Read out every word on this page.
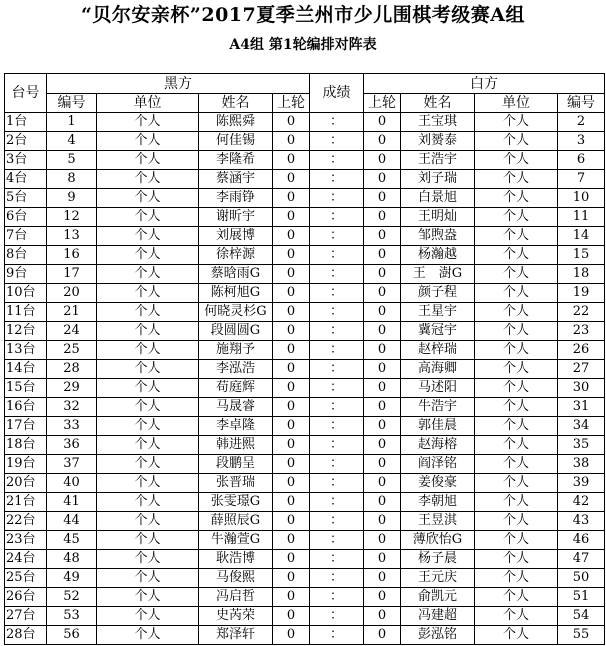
“贝尔安亲杯”2017夏季兰州市少儿围棋考级赛A组
A4组 第1轮编排对阵表
台号	黑方				成绩	白方			
	编号	单位	姓名	上轮		上轮	姓名	单位	编号
1台	1	个人	陈熙舜	0	：	0	王宝琪	个人	2
2台	4	个人	何佳锡	0	：	0	刘赟泰	个人	3
3台	5	个人	李隆希	0	：	0	王浩宇	个人	6
4台	8	个人	蔡涵宇	0	：	0	刘子瑞	个人	7
5台	9	个人	李雨铮	0	：	0	白景旭	个人	10
6台	12	个人	谢昕宇	0	：	0	王明灿	个人	11
7台	13	个人	刘展博	0	：	0	邹煦盎	个人	14
8台	16	个人	徐梓源	0	：	0	杨瀚越	个人	15
9台	17	个人	蔡晗雨G	0	：	0	王　澍G	个人	18
10台	20	个人	陈柯旭G	0	：	0	颜子程	个人	19
11台	21	个人	何晓灵杉G	0	：	0	王星宇	个人	22
12台	24	个人	段圆圆G	0	：	0	冀冠宇	个人	23
13台	25	个人	施翔予	0	：	0	赵梓瑞	个人	26
14台	28	个人	李泓浩	0	：	0	高海卿	个人	27
15台	29	个人	苟庭辉	0	：	0	马述阳	个人	30
16台	32	个人	马晟睿	0	：	0	牛浩宇	个人	31
17台	33	个人	李卓隆	0	：	0	郭佳晨	个人	34
18台	36	个人	韩进熙	0	：	0	赵海榕	个人	35
19台	37	个人	段鹏呈	0	：	0	阎泽铭	个人	38
20台	40	个人	张晋瑞	0	：	0	姜俊豪	个人	39
21台	41	个人	张雯璟G	0	：	0	李朝旭	个人	42
22台	44	个人	薛照辰G	0	：	0	王昱淇	个人	43
23台	45	个人	牛瀚萱G	0	：	0	薄欣怡G	个人	46
24台	48	个人	耿浩博	0	：	0	杨子晨	个人	47
25台	49	个人	马俊熙	0	：	0	王元庆	个人	50
26台	52	个人	冯启哲	0	：	0	俞凯元	个人	51
27台	53	个人	史芮荣	0	：	0	冯建超	个人	54
28台	56	个人	郑泽轩	0	：	0	彭泓铭	个人	55
